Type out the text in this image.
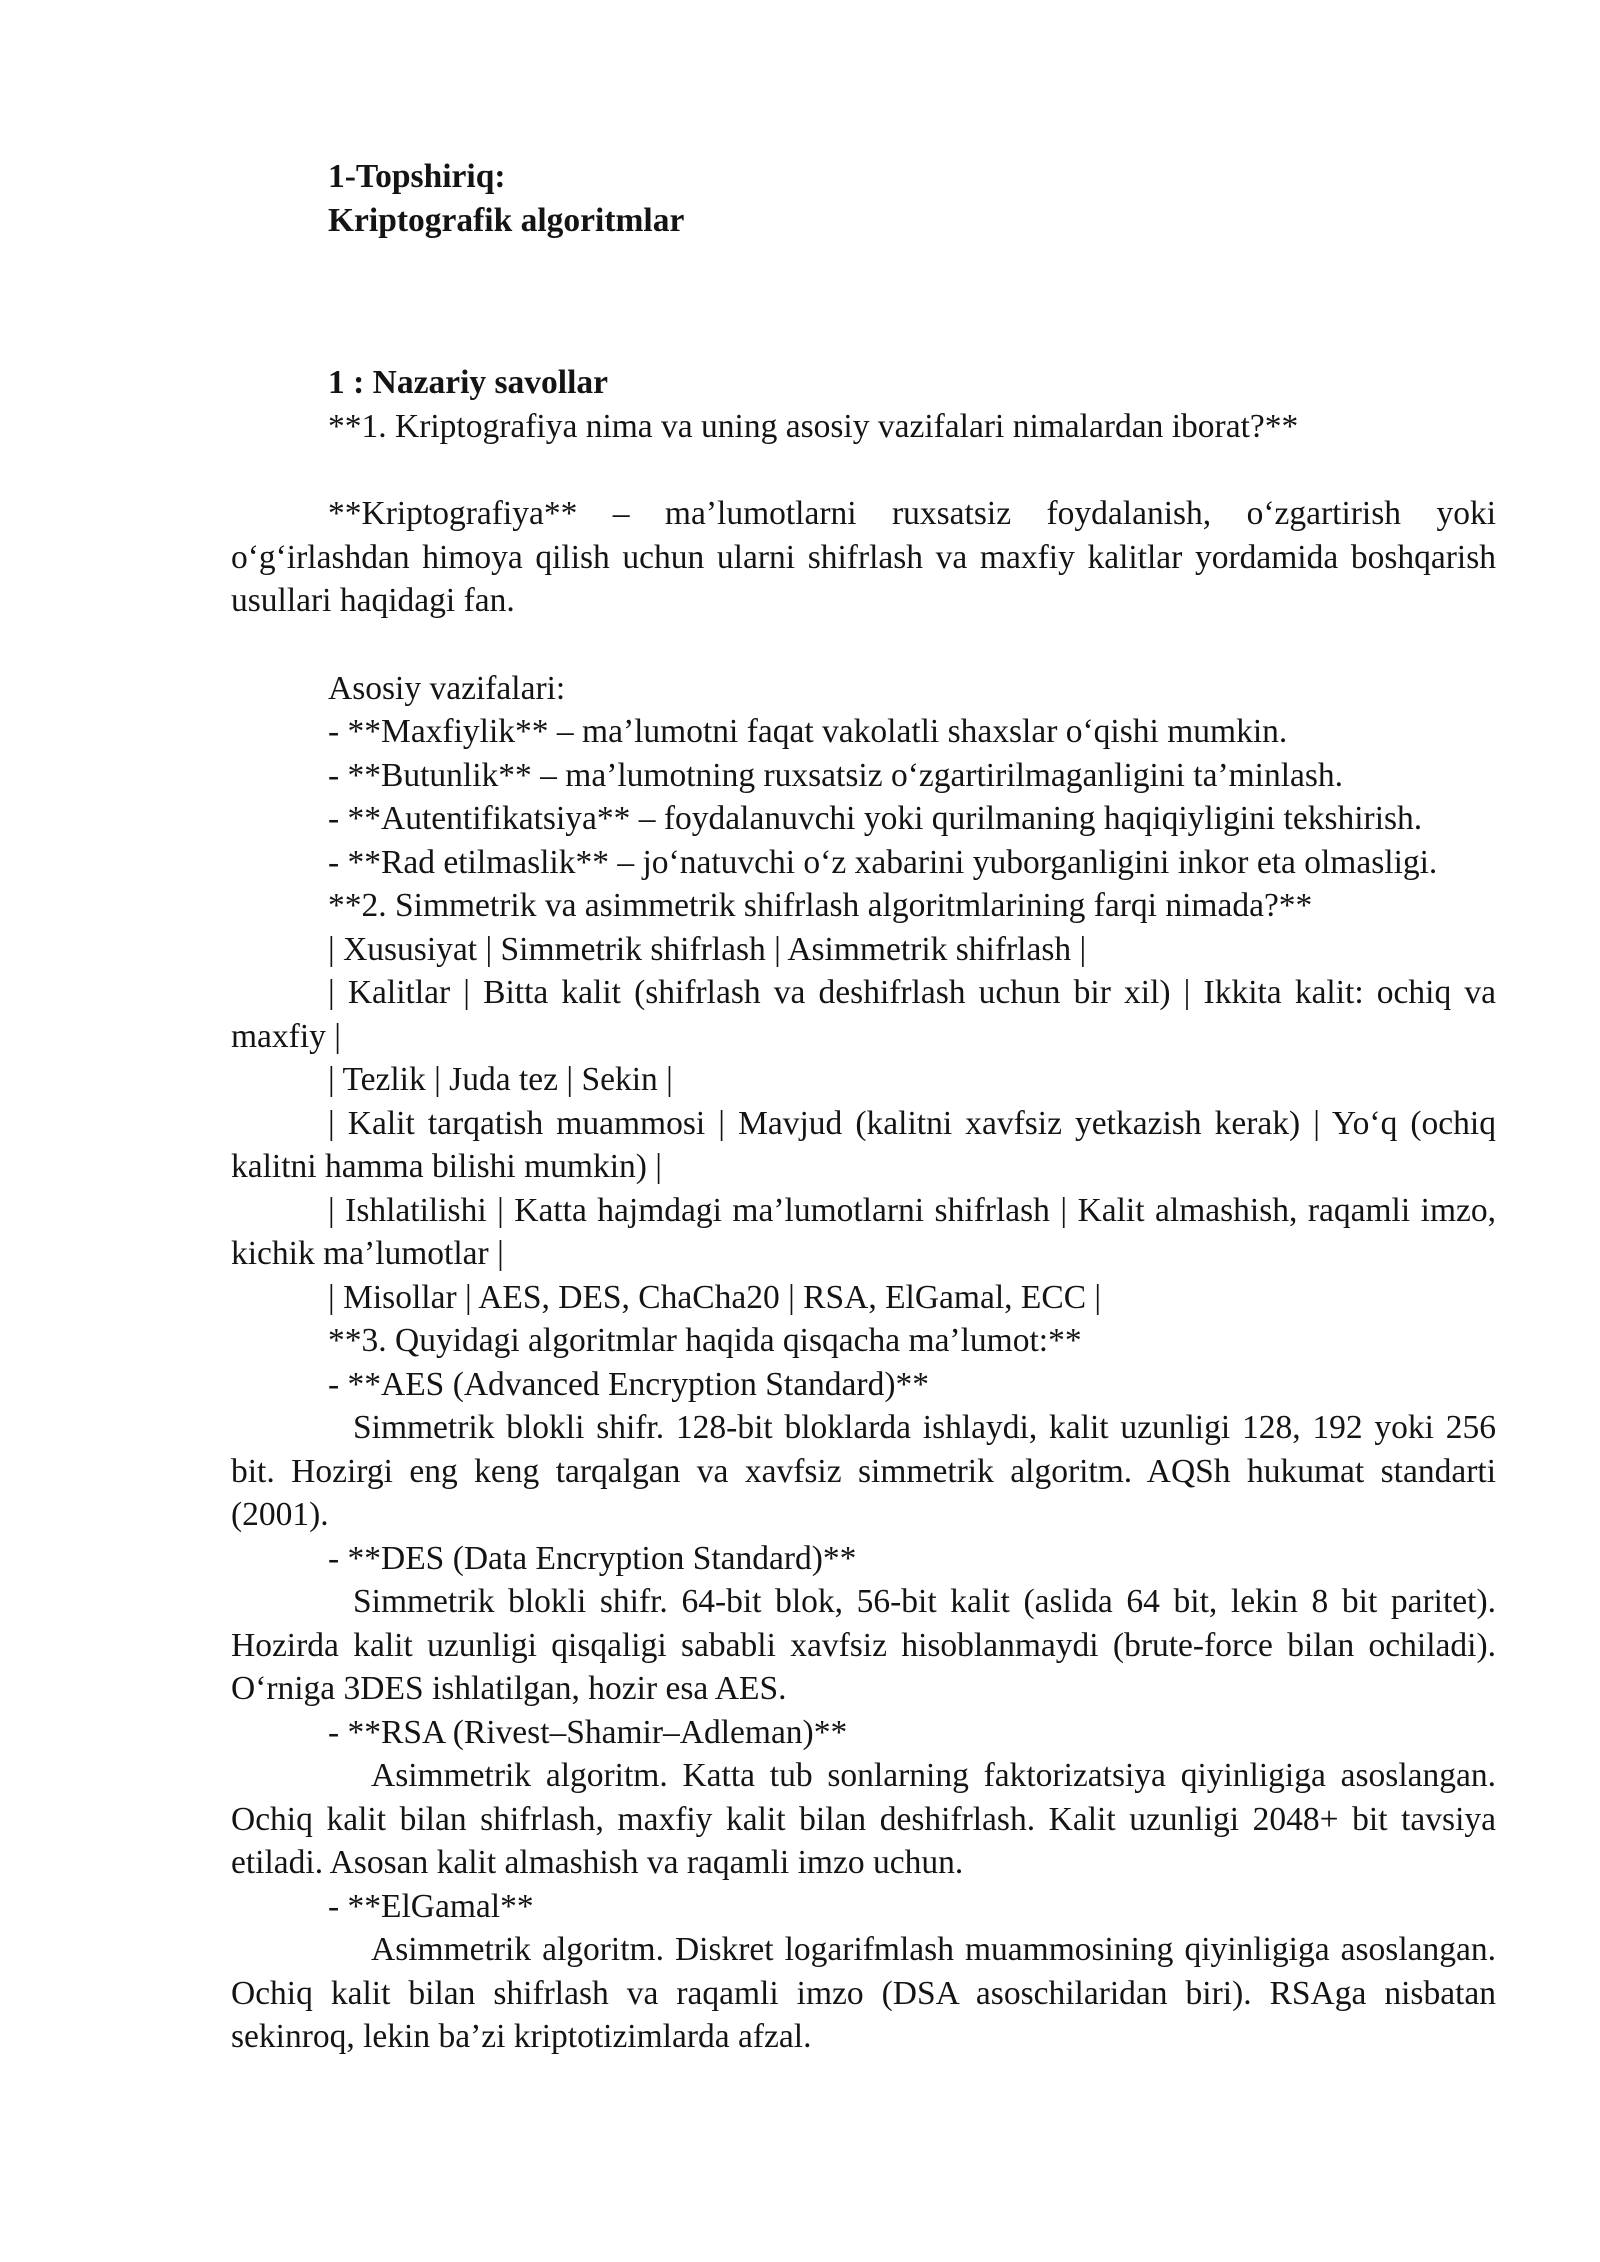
1-Topshiriq:

Kriptografik algoritmlar

1 : Nazariy savollar

**1. Kriptografiya nima va uning asosiy vazifalari nimalardan iborat?**

**Kriptografiya** – ma’lumotlarni ruxsatsiz foydalanish, o‘zgartirish yoki o‘g‘irlashdan himoya qilish uchun ularni shifrlash va maxfiy kalitlar yordamida boshqarish usullari haqidagi fan.

Asosiy vazifalari:

- **Maxfiylik** – ma’lumotni faqat vakolatli shaxslar o‘qishi mumkin.

- **Butunlik** – ma’lumotning ruxsatsiz o‘zgartirilmaganligini ta’minlash.

- **Autentifikatsiya** – foydalanuvchi yoki qurilmaning haqiqiyligini tekshirish.

- **Rad etilmaslik** – jo‘natuvchi o‘z xabarini yuborganligini inkor eta olmasligi.

**2. Simmetrik va asimmetrik shifrlash algoritmlarining farqi nimada?**

| Xususiyat | Simmetrik shifrlash | Asimmetrik shifrlash |

| Kalitlar | Bitta kalit (shifrlash va deshifrlash uchun bir xil) | Ikkita kalit: ochiq va maxfiy |

| Tezlik | Juda tez | Sekin |

| Kalit tarqatish muammosi | Mavjud (kalitni xavfsiz yetkazish kerak) | Yo‘q (ochiq kalitni hamma bilishi mumkin) |

| Ishlatilishi | Katta hajmdagi ma’lumotlarni shifrlash | Kalit almashish, raqamli imzo, kichik ma’lumotlar |

| Misollar | AES, DES, ChaCha20 | RSA, ElGamal, ECC |

**3. Quyidagi algoritmlar haqida qisqacha ma’lumot:**

- **AES (Advanced Encryption Standard)**

Simmetrik blokli shifr. 128-bit bloklarda ishlaydi, kalit uzunligi 128, 192 yoki 256 bit. Hozirgi eng keng tarqalgan va xavfsiz simmetrik algoritm. AQSh hukumat standarti (2001).

- **DES (Data Encryption Standard)**

Simmetrik blokli shifr. 64-bit blok, 56-bit kalit (aslida 64 bit, lekin 8 bit paritet). Hozirda kalit uzunligi qisqaligi sababli xavfsiz hisoblanmaydi (brute-force bilan ochiladi). O‘rniga 3DES ishlatilgan, hozir esa AES.

- **RSA (Rivest–Shamir–Adleman)**

Asimmetrik algoritm. Katta tub sonlarning faktorizatsiya qiyinligiga asoslangan. Ochiq kalit bilan shifrlash, maxfiy kalit bilan deshifrlash. Kalit uzunligi 2048+ bit tavsiya etiladi. Asosan kalit almashish va raqamli imzo uchun.

- **ElGamal**

Asimmetrik algoritm. Diskret logarifmlash muammosining qiyinligiga asoslangan. Ochiq kalit bilan shifrlash va raqamli imzo (DSA asoschilaridan biri). RSAga nisbatan sekinroq, lekin ba’zi kriptotizimlarda afzal.
